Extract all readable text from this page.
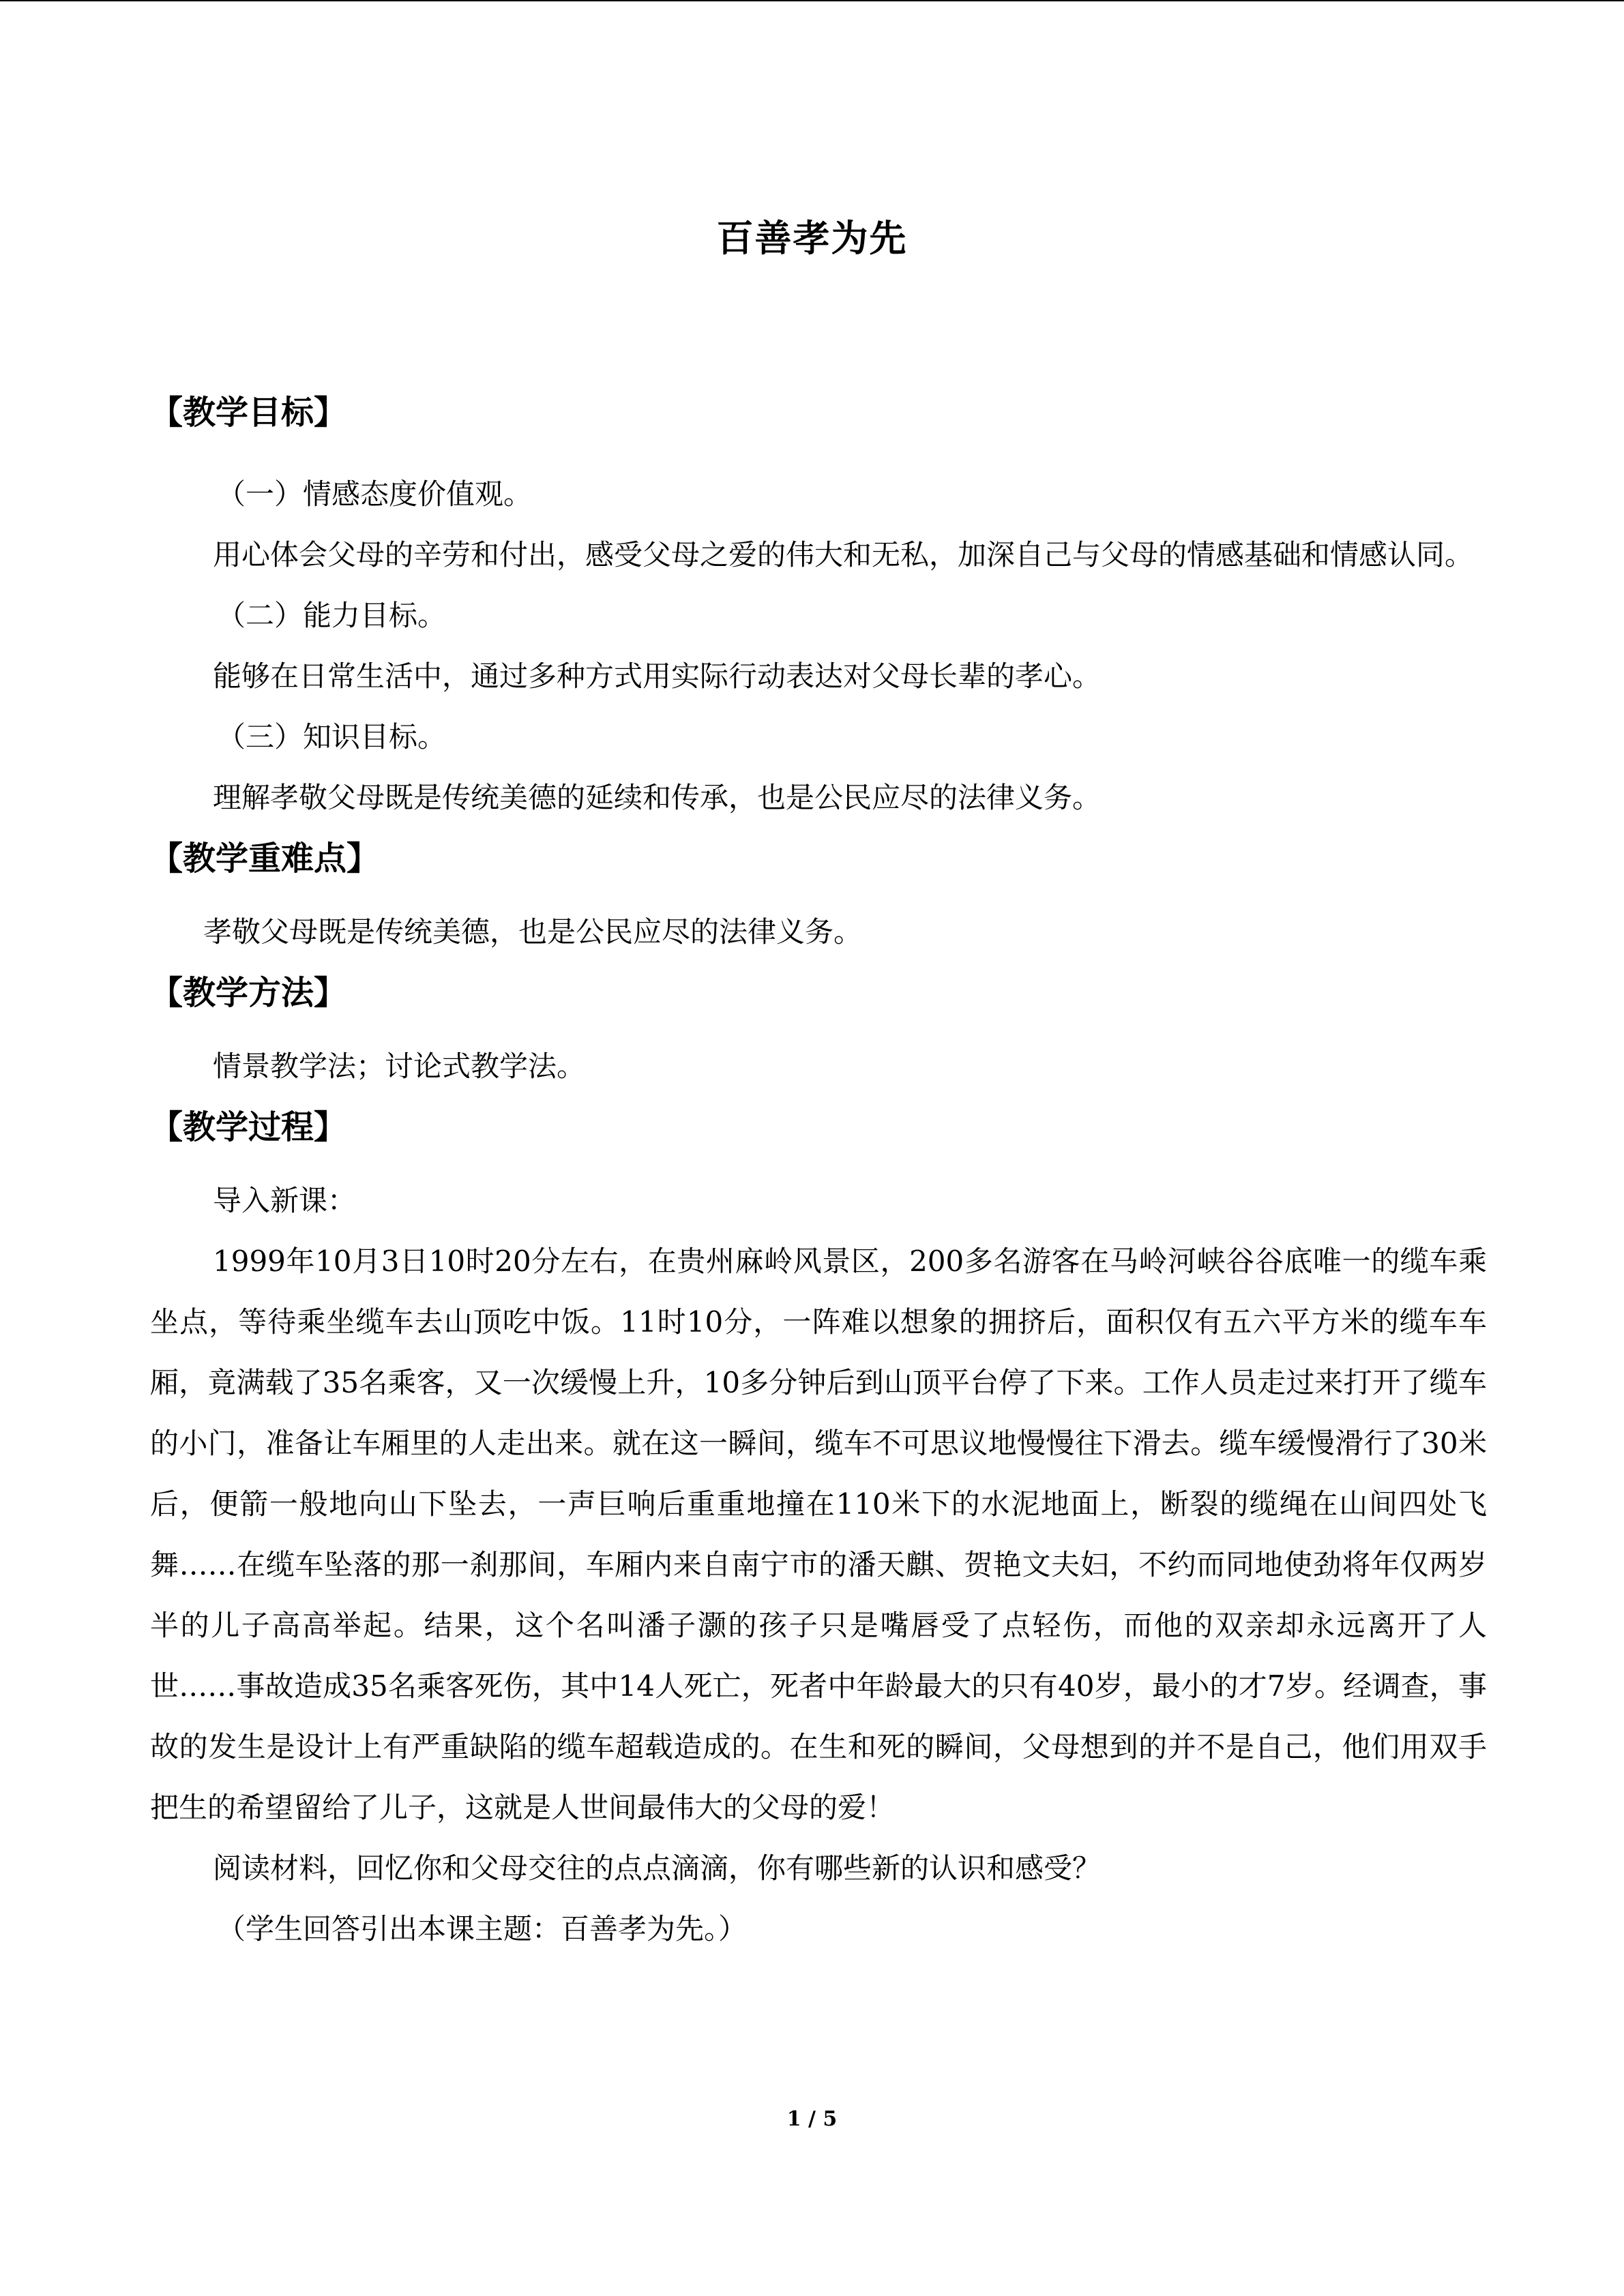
百善孝为先
【教学目标】

（一）情感态度价值观。

用心体会父母的辛劳和付出，感受父母之爱的伟大和无私，加深自己与父母的情感基础和情感认同。

（二）能力目标。

能够在日常生活中，通过多种方式用实际行动表达对父母长辈的孝心。

（三）知识目标。

理解孝敬父母既是传统美德的延续和传承，也是公民应尽的法律义务。

【教学重难点】

孝敬父母既是传统美德，也是公民应尽的法律义务。

【教学方法】

情景教学法；讨论式教学法。

【教学过程】

导入新课：

1999年10月3日10时20分左右，在贵州麻岭风景区，200多名游客在马岭河峡谷谷底唯一的缆车乘坐点，等待乘坐缆车去山顶吃中饭。11时10分，一阵难以想象的拥挤后，面积仅有五六平方米的缆车车厢，竟满载了35名乘客，又一次缓慢上升，10多分钟后到山顶平台停了下来。工作人员走过来打开了缆车的小门，准备让车厢里的人走出来。就在这一瞬间，缆车不可思议地慢慢往下滑去。缆车缓慢滑行了30米后，便箭一般地向山下坠去，一声巨响后重重地撞在110米下的水泥地面上，断裂的缆绳在山间四处飞舞……在缆车坠落的那一刹那间，车厢内来自南宁市的潘天麒、贺艳文夫妇，不约而同地使劲将年仅两岁半的儿子高高举起。结果，这个名叫潘子灏的孩子只是嘴唇受了点轻伤，而他的双亲却永远离开了人世……事故造成35名乘客死伤，其中14人死亡，死者中年龄最大的只有40岁，最小的才7岁。经调查，事故的发生是设计上有严重缺陷的缆车超载造成的。在生和死的瞬间，父母想到的并不是自己，他们用双手把生的希望留给了儿子，这就是人世间最伟大的父母的爱！

阅读材料，回忆你和父母交往的点点滴滴，你有哪些新的认识和感受？

（学生回答引出本课主题：百善孝为先。）

1 / 5
